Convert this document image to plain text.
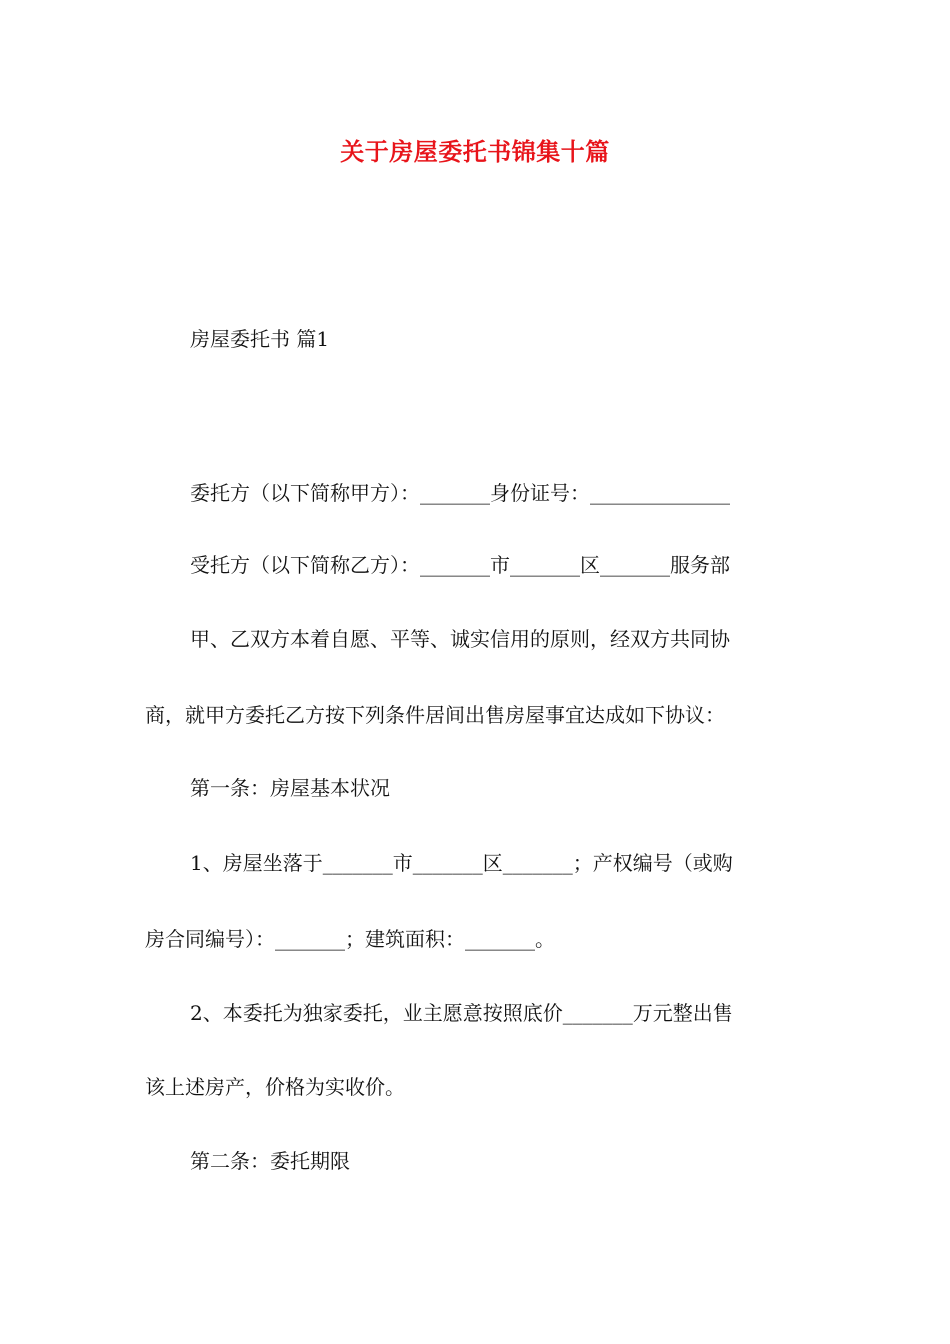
关于房屋委托书锦集十篇
房屋委托书 篇1
委托方（以下简称甲方）：_______身份证号：______________
受托方（以下简称乙方）：_______市_______区_______服务部
甲、乙双方本着自愿、平等、诚实信用的原则，经双方共同协
商，就甲方委托乙方按下列条件居间出售房屋事宜达成如下协议：
第一条：房屋基本状况
1、房屋坐落于_______市_______区_______；产权编号（或购
房合同编号）：_______；建筑面积：_______。
2、本委托为独家委托，业主愿意按照底价_______万元整出售
该上述房产，价格为实收价。
第二条：委托期限
